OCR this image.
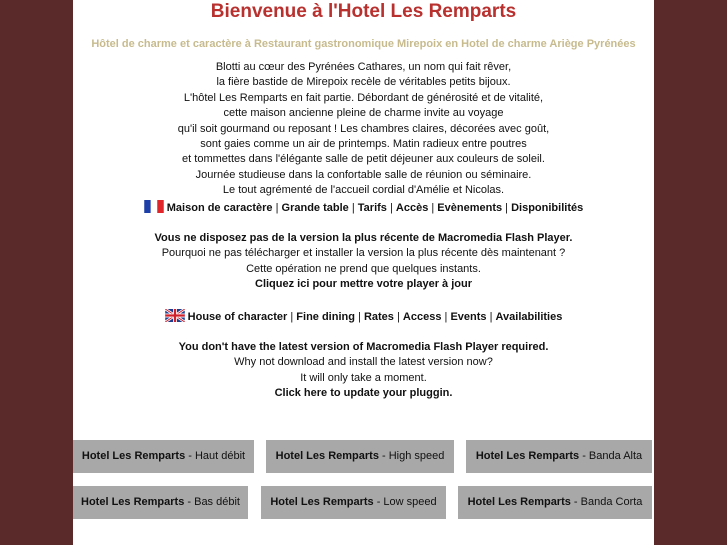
Bienvenue à l'Hotel Les Remparts
Hôtel de charme et caractère à Restaurant gastronomique Mirepoix en Hotel de charme Ariège Pyrénées
Blotti au cœur des Pyrénées Cathares, un nom qui fait rêver,
la fière bastide de Mirepoix recèle de véritables petits bijoux.
L'hôtel Les Remparts en fait partie. Débordant de générosité et de vitalité,
cette maison ancienne pleine de charme invite au voyage
qu'il soit gourmand ou reposant ! Les chambres claires, décorées avec goût,
sont gaies comme un air de printemps. Matin radieux entre poutres
et tommettes dans l'élégante salle de petit déjeuner aux couleurs de soleil.
Journée studieuse dans la confortable salle de réunion ou séminaire.
Le tout agrémenté de l'accueil cordial d'Amélie et Nicolas.
Maison de caractère | Grande table | Tarifs | Accès | Evènements | Disponibilités
Vous ne disposez pas de la version la plus récente de Macromedia Flash Player.
Pourquoi ne pas télécharger et installer la version la plus récente dès maintenant ?
Cette opération ne prend que quelques instants.
Cliquez ici pour mettre votre player à jour
House of character | Fine dining | Rates | Access | Events | Availabilities
You don't have the latest version of Macromedia Flash Player required.
Why not download and install the latest version now?
It will only take a moment.
Click here to update your pluggin.
Hotel Les Remparts - Haut débit	Hotel Les Remparts - High speed	Hotel Les Remparts - Banda Alta
Hotel Les Remparts - Bas débit	Hotel Les Remparts - Low speed	Hotel Les Remparts - Banda Corta
